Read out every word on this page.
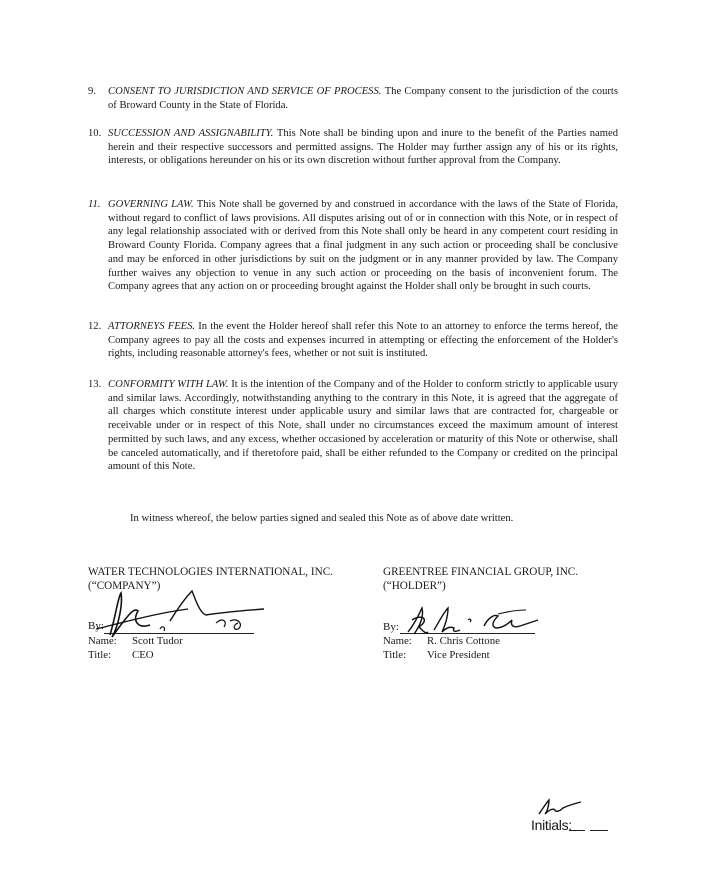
9. CONSENT TO JURISDICTION AND SERVICE OF PROCESS. The Company consent to the jurisdiction of the courts of Broward County in the State of Florida.
10. SUCCESSION AND ASSIGNABILITY. This Note shall be binding upon and inure to the benefit of the Parties named herein and their respective successors and permitted assigns. The Holder may further assign any of his or its rights, interests, or obligations hereunder on his or its own discretion without further approval from the Company.
11. GOVERNING LAW. This Note shall be governed by and construed in accordance with the laws of the State of Florida, without regard to conflict of laws provisions. All disputes arising out of or in connection with this Note, or in respect of any legal relationship associated with or derived from this Note shall only be heard in any competent court residing in Broward County Florida. Company agrees that a final judgment in any such action or proceeding shall be conclusive and may be enforced in other jurisdictions by suit on the judgment or in any manner provided by law. The Company further waives any objection to venue in any such action or proceeding on the basis of inconvenient forum. The Company agrees that any action on or proceeding brought against the Holder shall only be brought in such courts.
12. ATTORNEYS FEES. In the event the Holder hereof shall refer this Note to an attorney to enforce the terms hereof, the Company agrees to pay all the costs and expenses incurred in attempting or effecting the enforcement of the Holder's rights, including reasonable attorney's fees, whether or not suit is instituted.
13. CONFORMITY WITH LAW. It is the intention of the Company and of the Holder to conform strictly to applicable usury and similar laws. Accordingly, notwithstanding anything to the contrary in this Note, it is agreed that the aggregate of all charges which constitute interest under applicable usury and similar laws that are contracted for, chargeable or receivable under or in respect of this Note, shall under no circumstances exceed the maximum amount of interest permitted by such laws, and any excess, whether occasioned by acceleration or maturity of this Note or otherwise, shall be canceled automatically, and if theretofore paid, shall be either refunded to the Company or credited on the principal amount of this Note.
In witness whereof, the below parties signed and sealed this Note as of above date written.
WATER TECHNOLOGIES INTERNATIONAL, INC.
(“COMPANY”)
By:
Name: Scott Tudor
Title: CEO
GREENTREE FINANCIAL GROUP, INC.
(“HOLDER”)
By:
Name: R. Chris Cottone
Title: Vice President
Initials:
